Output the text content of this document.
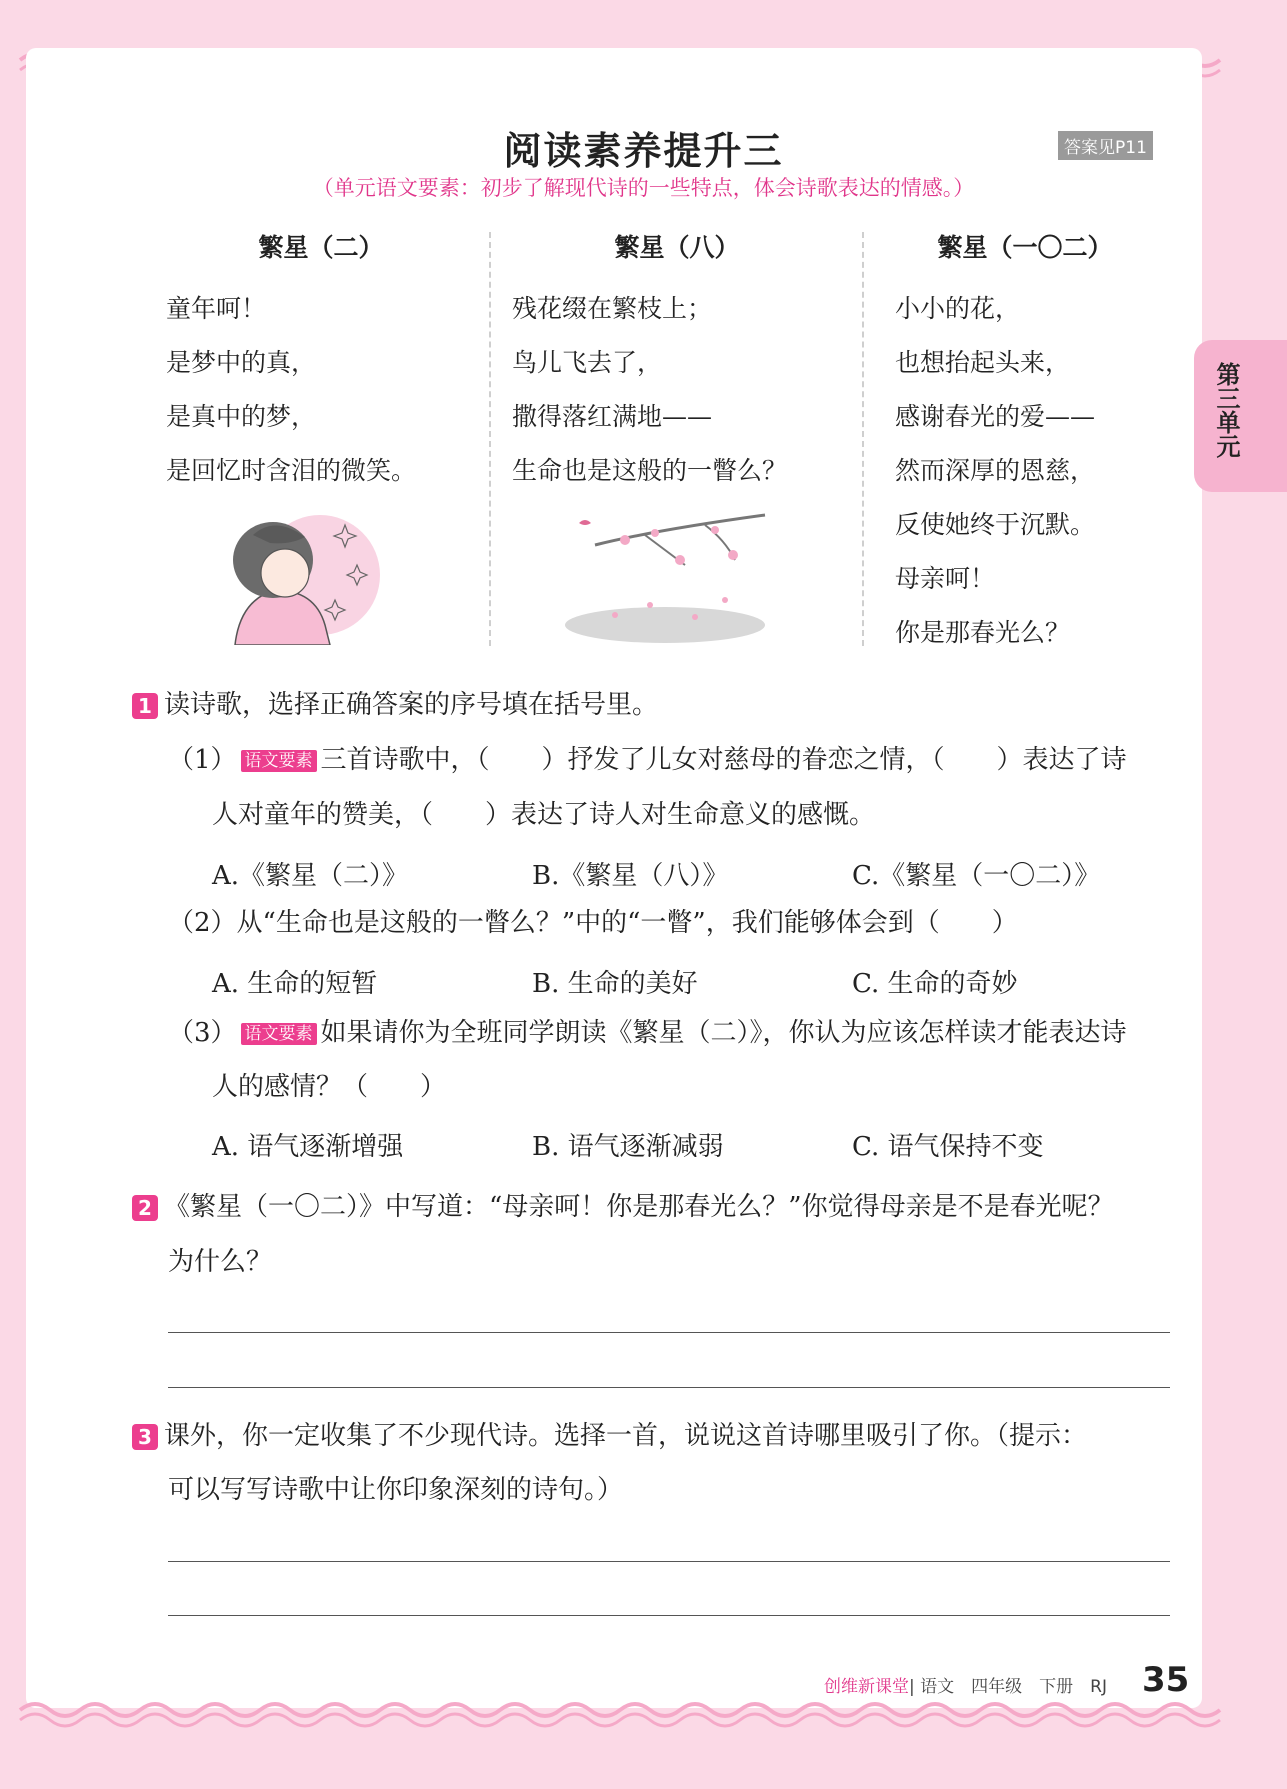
阅读素养提升三	答案见P11
（单元语文要素：初步了解现代诗的一些特点，体会诗歌表达的情感。）
第三单元
繁星（二）
童年呵！
是梦中的真，
是真中的梦，
是回忆时含泪的微笑。
繁星（八）
残花缀在繁枝上；
鸟儿飞去了，
撒得落红满地——
生命也是这般的一瞥么？
繁星（一〇二）
小小的花，
也想抬起头来，
感谢春光的爱——
然而深厚的恩慈，
反使她终于沉默。
母亲呵！
你是那春光么？
1 读诗歌，选择正确答案的序号填在括号里。
（1） 语文要素 三首诗歌中，（　　）抒发了儿女对慈母的眷恋之情，（　　）表达了诗
人对童年的赞美，（　　）表达了诗人对生命意义的感慨。
A.《繁星（二）》	B.《繁星（八）》	C.《繁星（一〇二）》
（2）从“生命也是这般的一瞥么？”中的“一瞥”，我们能够体会到（　　）
A. 生命的短暂	B. 生命的美好	C. 生命的奇妙
（3） 语文要素 如果请你为全班同学朗读《繁星（二）》，你认为应该怎样读才能表达诗
人的感情？（　　）
A. 语气逐渐增强	B. 语气逐渐减弱	C. 语气保持不变
2 《繁星（一〇二）》中写道：“母亲呵！你是那春光么？”你觉得母亲是不是春光呢？
为什么？
3 课外，你一定收集了不少现代诗。选择一首，说说这首诗哪里吸引了你。（提示：
可以写写诗歌中让你印象深刻的诗句。）
创维新课堂| 语文　四年级　下册　RJ 35
